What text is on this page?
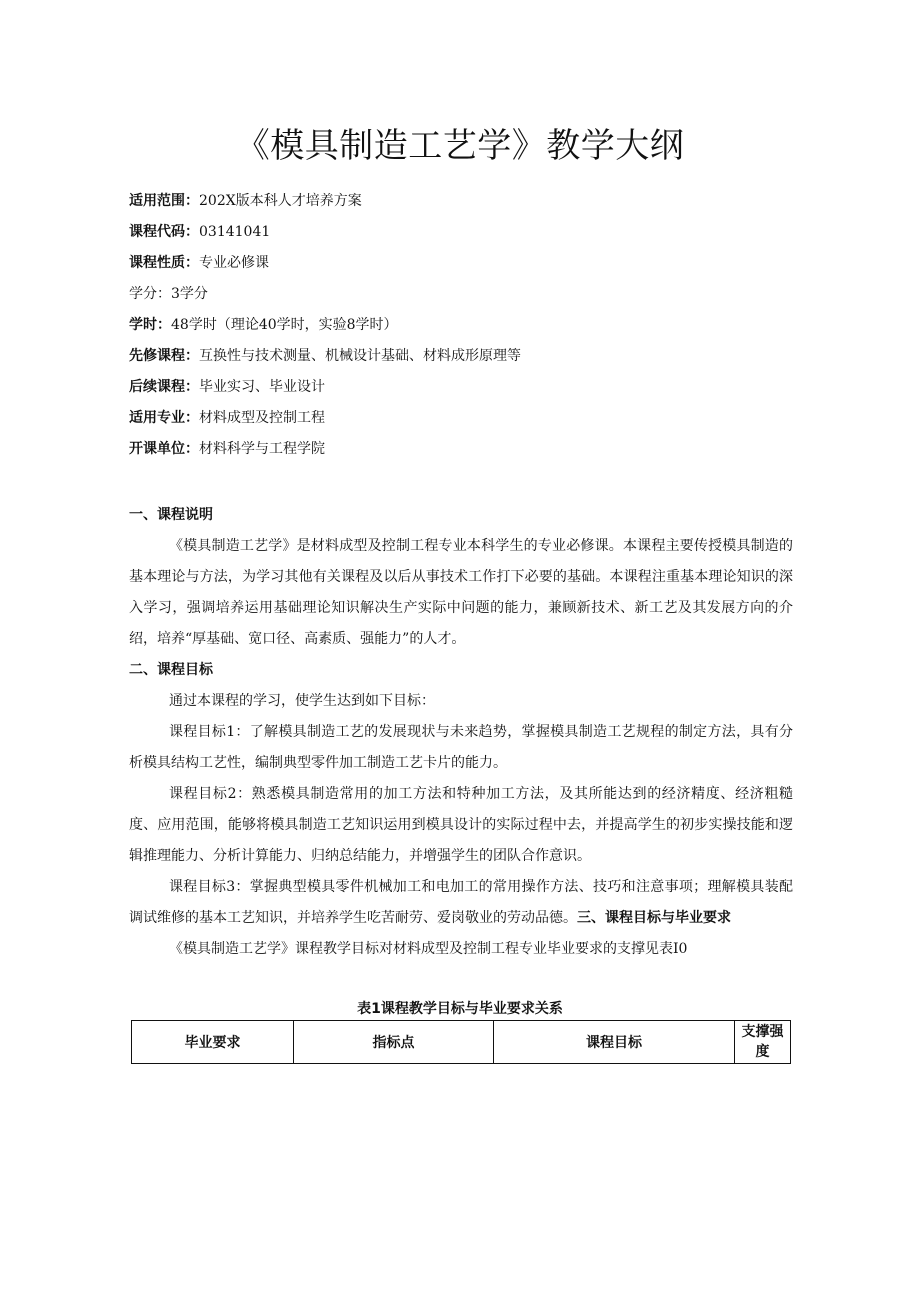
《模具制造工艺学》教学大纲
适用范围：202X版本科人才培养方案
课程代码：03141041
课程性质：专业必修课
学分：3学分
学时：48学时（理论40学时，实验8学时）
先修课程：互换性与技术测量、机械设计基础、材料成形原理等
后续课程：毕业实习、毕业设计
适用专业：材料成型及控制工程
开课单位：材料科学与工程学院

一、课程说明

《模具制造工艺学》是材料成型及控制工程专业本科学生的专业必修课。本课程主要传授模具制造的基本理论与方法，为学习其他有关课程及以后从事技术工作打下必要的基础。本课程注重基本理论知识的深入学习，强调培养运用基础理论知识解决生产实际中问题的能力，兼顾新技术、新工艺及其发展方向的介绍，培养“厚基础、宽口径、高素质、强能力”的人才。

二、课程目标

通过本课程的学习，使学生达到如下目标：

课程目标1：了解模具制造工艺的发展现状与未来趋势，掌握模具制造工艺规程的制定方法，具有分析模具结构工艺性，编制典型零件加工制造工艺卡片的能力。

课程目标2：熟悉模具制造常用的加工方法和特种加工方法，及其所能达到的经济精度、经济粗糙度、应用范围，能够将模具制造工艺知识运用到模具设计的实际过程中去，并提高学生的初步实操技能和逻辑推理能力、分析计算能力、归纳总结能力，并增强学生的团队合作意识。

课程目标3：掌握典型模具零件机械加工和电加工的常用操作方法、技巧和注意事项；理解模具装配调试维修的基本工艺知识，并培养学生吃苦耐劳、爱岗敬业的劳动品德。三、课程目标与毕业要求

《模具制造工艺学》课程教学目标对材料成型及控制工程专业毕业要求的支撑见表I0

表1课程教学目标与毕业要求关系
毕业要求	指标点	课程目标	支撑强度
